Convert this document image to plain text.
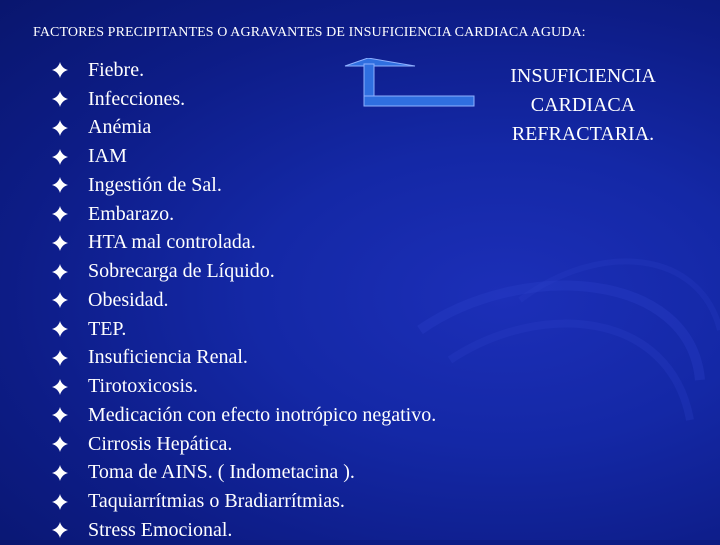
FACTORES PRECIPITANTES O AGRAVANTES DE INSUFICIENCIA CARDIACA AGUDA:
Fiebre.
Infecciones.
Anémia
IAM
Ingestión de Sal.
Embarazo.
HTA mal controlada.
Sobrecarga de Líquido.
Obesidad.
TEP.
Insuficiencia Renal.
Tirotoxicosis.
Medicación con efecto inotrópico negativo.
Cirrosis Hepática.
Toma de AINS. ( Indometacina ).
Taquiarrítmias o Bradiarrítmias.
Stress Emocional.
INSUFICIENCIA
CARDIACA
REFRACTARIA.
